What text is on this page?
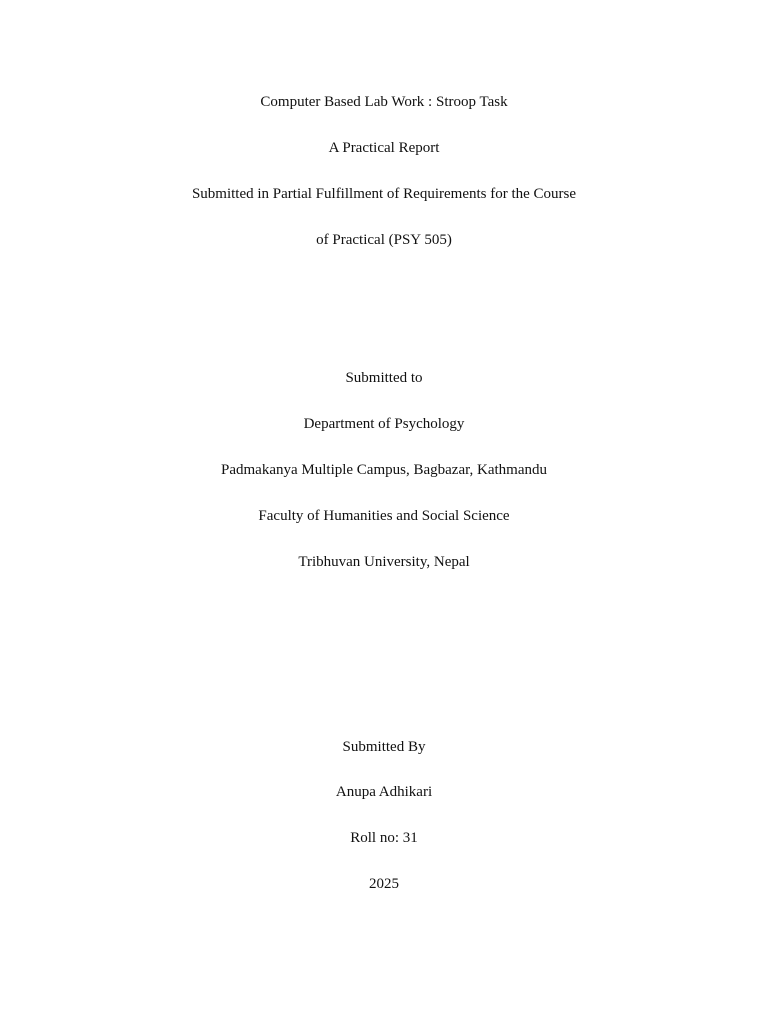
Computer Based Lab Work : Stroop Task
A Practical Report
Submitted in Partial Fulfillment of Requirements for the Course
of Practical (PSY 505)
Submitted to
Department of Psychology
Padmakanya Multiple Campus, Bagbazar, Kathmandu
Faculty of Humanities and Social Science
Tribhuvan University, Nepal
Submitted By
Anupa Adhikari
Roll no: 31
2025
